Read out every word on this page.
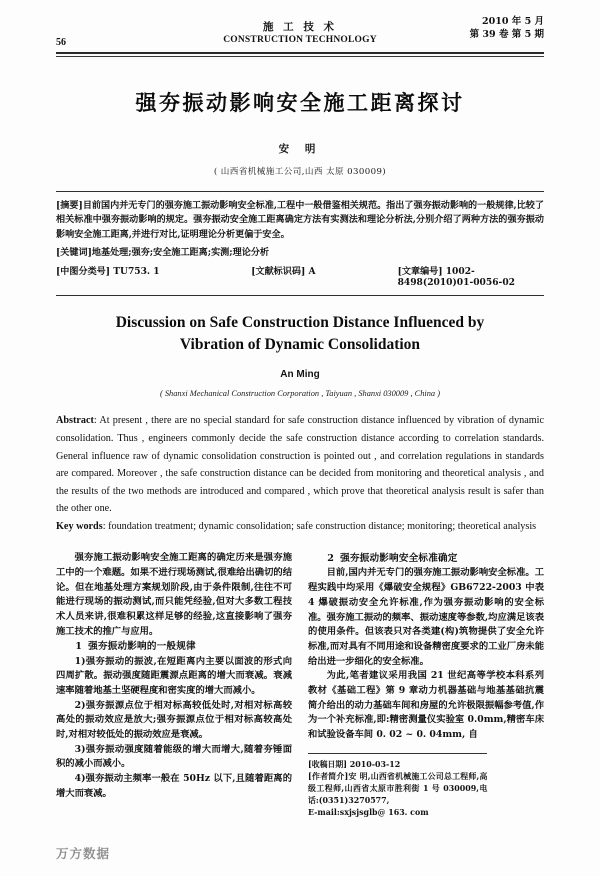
施 工 技 术
CONSTRUCTION TECHNOLOGY
56
2010 年 5 月
第 39 卷 第 5 期
强夯振动影响安全施工距离探讨
安 明
( 山西省机械施工公司,山西 太原 030009)
[摘要]目前国内并无专门的强夯施工振动影响安全标准,工程中一般借鉴相关规范。指出了强夯振动影响的一般规律,比较了相关标准中强夯振动影响的规定。强夯振动安全施工距离确定方法有实测法和理论分析法,分别介绍了两种方法的强夯振动影响安全施工距离,并进行对比,证明理论分析更偏于安全。
[关键词]地基处理;强夯;安全施工距离;实测;理论分析
[中图分类号] TU753. 1	[文献标识码] A	[文章编号] 1002-8498(2010)01-0056-02
Discussion on Safe Construction Distance Influenced by
Vibration of Dynamic Consolidation
An Ming
( Shanxi Mechanical Construction Corporation , Taiyuan , Shanxi 030009 , China )
Abstract: At present , there are no special standard for safe construction distance influenced by vibration of dynamic consolidation. Thus , engineers commonly decide the safe construction distance according to correlation standards. General influence raw of dynamic consolidation construction is pointed out , and correlation regulations in standards are compared. Moreover , the safe construction distance can be decided from monitoring and theoretical analysis , and the results of the two methods are introduced and compared , which prove that theoretical analysis result is safer than the other one.
Key words: foundation treatment; dynamic consolidation; safe construction distance; monitoring; theoretical analysis

强夯施工振动影响安全施工距离的确定历来是强夯施工中的一个难题。如果不进行现场测试,很难给出确切的结论。但在地基处理方案规划阶段,由于条件限制,往往不可能进行现场的振动测试,而只能凭经验,但对大多数工程技术人员来讲,很难积累这样足够的经验,这直接影响了强夯施工技术的推广与应用。

1 强夯振动影响的一般规律

1)强夯振动的振波,在短距离内主要以面波的形式向四周扩散。振动强度随距震源点距离的增大而衰减。衰减速率随着地基土坚硬程度和密实度的增大而减小。

2)强夯振源点位于相对标高较低处时,对相对标高较高处的振动效应是放大;强夯振源点位于相对标高较高处时,对相对较低处的振动效应是衰减。

3)强夯振动强度随着能级的增大而增大,随着夯锤面积的减小而减小。

4)强夯振动主频率一般在 50Hz 以下,且随着距离的增大而衰减。

2 强夯振动影响安全标准确定

目前,国内并无专门的强夯施工振动影响安全标准。工程实践中均采用《爆破安全规程》GB6722-2003 中表 4 爆破振动安全允许标准,作为强夯振动影响的安全标准。强夯施工振动的频率、振动速度等参数,均应满足该表的使用条件。但该表只对各类建(构)筑物提供了安全允许标准,而对具有不同用途和设备精密度要求的工业厂房未能给出进一步细化的安全标准。

为此,笔者建议采用我国 21 世纪高等学校本科系列教材《基础工程》第 9 章动力机器基础与地基基础抗震简介给出的动力基础车间和房屋的允许极限振幅参考值,作为一个补充标准,即:精密测量仪实验室 0.0mm,精密车床和试验设备车间 0. 02 ~ 0. 04mm, 自

[收稿日期] 2010-03-12
[作者简介]安 明,山西省机械施工公司总工程师,高级工程师,山西省太原市胜利街 1 号 030009,电话:(0351)3270577,
E-mail:sxjsjsglb@ 163. com
万方数据
